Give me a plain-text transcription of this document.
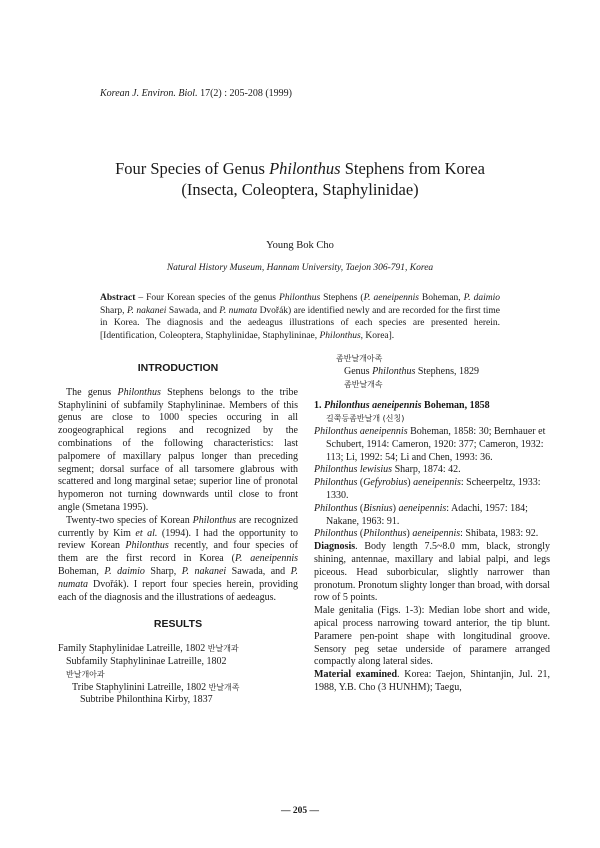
Korean J. Environ. Biol. 17(2) : 205-208 (1999)
Four Species of Genus Philonthus Stephens from Korea
(Insecta, Coleoptera, Staphylinidae)
Young Bok Cho
Natural History Museum, Hannam University, Taejon 306-791, Korea
Abstract – Four Korean species of the genus Philonthus Stephens (P. aeneipennis Boheman, P. daimio Sharp, P. nakanei Sawada, and P. numata Dvořák) are identified newly and are recorded for the first time in Korea. The diagnosis and the aedeagus illustrations of each species are presented herein. [Identification, Coleoptera, Staphylinidae, Staphylininae, Philonthus, Korea].
INTRODUCTION

The genus Philonthus Stephens belongs to the tribe Staphylinini of subfamily Staphylininae. Members of this genus are close to 1000 species occuring in all zoogeographical regions and recognized by the combinations of the following characteristics: last palpomere of maxillary palpus longer than preceding segment; dorsal surface of all tarsomere glabrous with scattered and long marginal setae; superior line of pronotal hypomeron not turning downwards until close to front angle (Smetana 1995).

Twenty-two species of Korean Philonthus are recognized currently by Kim et al. (1994). I had the opportunity to review Korean Philonthus recently, and four species of them are the first record in Korea (P. aeneipennis Boheman, P. daimio Sharp, P. nakanei Sawada, and P. numata Dvořák). I report four species herein, providing each of the diagnosis and the illustrations of aedeagus.

RESULTS

Family Staphylinidae Latreille, 1802 반날개과

Subfamily Staphylininae Latreille, 1802

반날개아과

Tribe Staphylinini Latreille, 1802 반날개족

Subtribe Philonthina Kirby, 1837

좀반날개아족

Genus Philonthus Stephens, 1829

좀반날개속

1. Philonthus aeneipennis Boheman, 1858

길쭉등좀반날개 (신칭)

Philonthus aeneipennis Boheman, 1858: 30; Bernhauer et Schubert, 1914: Cameron, 1920: 377; Cameron, 1932: 113; Li, 1992: 54; Li and Chen, 1993: 36.

Philonthus lewisius Sharp, 1874: 42.

Philonthus (Gefyrobius) aeneipennis: Scheerpeltz, 1933: 1330.

Philonthus (Bisnius) aeneipennis: Adachi, 1957: 184; Nakane, 1963: 91.

Philonthus (Philonthus) aeneipennis: Shibata, 1983: 92.

Diagnosis. Body length 7.5~8.0 mm, black, strongly shining, antennae, maxillary and labial palpi, and legs piceous. Head suborbicular, slightly narrower than pronotum. Pronotum slighty longer than broad, with dorsal row of 5 points.

Male genitalia (Figs. 1-3): Median lobe short and wide, apical process narrowing toward anterior, the tip blunt. Paramere pen-point shape with longitudinal groove. Sensory peg setae underside of paramere arranged compactly along lateral sides.

Material examined. Korea: Taejon, Shintanjin, Jul. 21, 1988, Y.B. Cho (3 HUNHM); Taegu,

— 205 —
